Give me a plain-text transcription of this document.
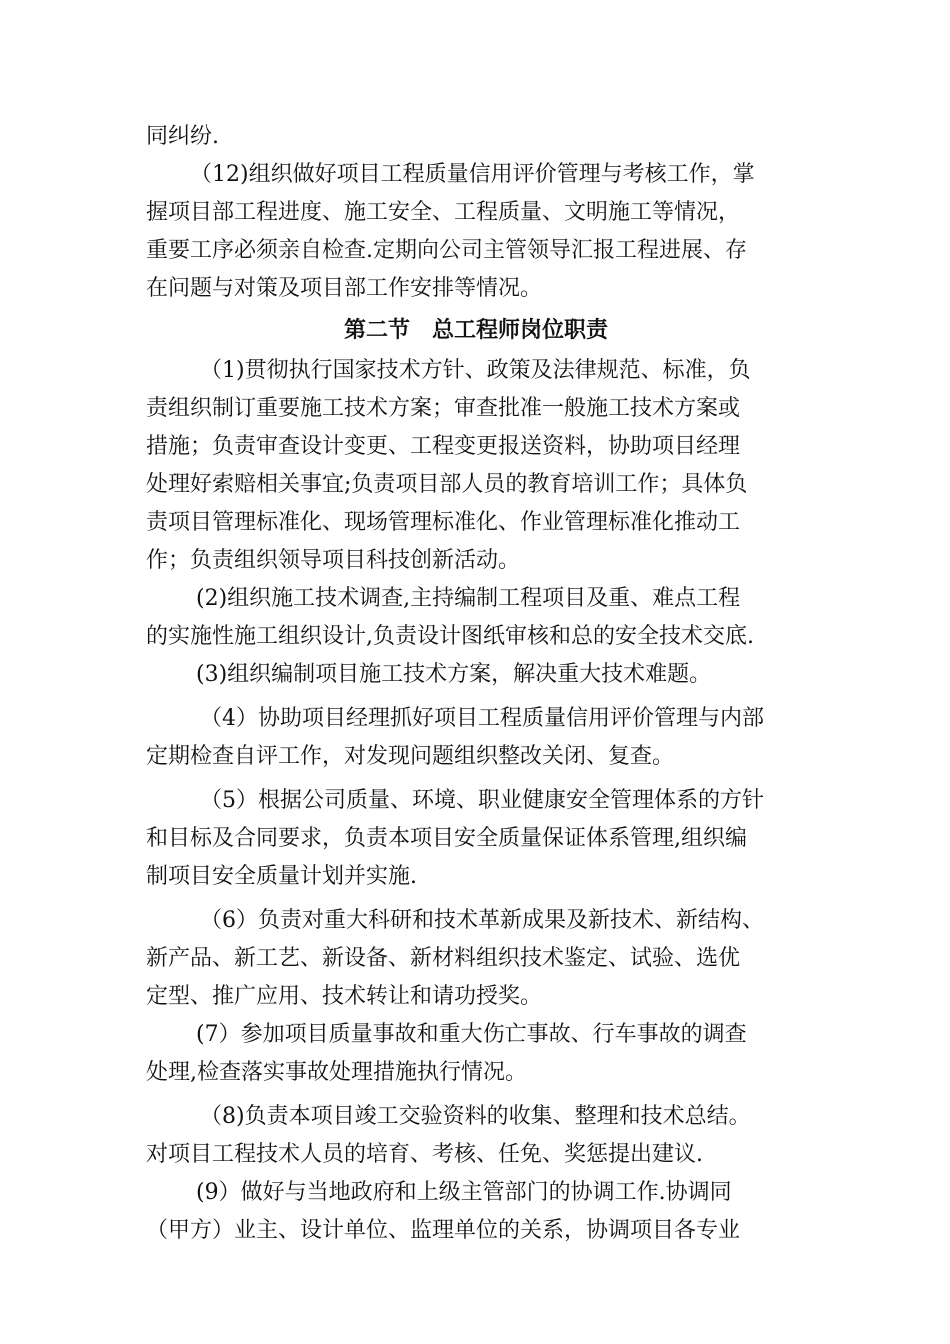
同纠纷.
（12)组织做好项目工程质量信用评价管理与考核工作，掌
握项目部工程进度、施工安全、工程质量、文明施工等情况，
重要工序必须亲自检查.定期向公司主管领导汇报工程进展、存
在问题与对策及项目部工作安排等情况。
第二节　总工程师岗位职责
（1)贯彻执行国家技术方针、政策及法律规范、标准，负
责组织制订重要施工技术方案；审查批准一般施工技术方案或
措施；负责审查设计变更、工程变更报送资料，协助项目经理
处理好索赔相关事宜;负责项目部人员的教育培训工作；具体负
责项目管理标准化、现场管理标准化、作业管理标准化推动工
作；负责组织领导项目科技创新活动。
(2)组织施工技术调查,主持编制工程项目及重、难点工程
的实施性施工组织设计,负责设计图纸审核和总的安全技术交底.
(3)组织编制项目施工技术方案，解决重大技术难题。
（4）协助项目经理抓好项目工程质量信用评价管理与内部
定期检查自评工作，对发现问题组织整改关闭、复查。
（5）根据公司质量、环境、职业健康安全管理体系的方针
和目标及合同要求，负责本项目安全质量保证体系管理,组织编
制项目安全质量计划并实施.
（6）负责对重大科研和技术革新成果及新技术、新结构、
新产品、新工艺、新设备、新材料组织技术鉴定、试验、选优
定型、推广应用、技术转让和请功授奖。
(7）参加项目质量事故和重大伤亡事故、行车事故的调查
处理,检查落实事故处理措施执行情况。
（8)负责本项目竣工交验资料的收集、整理和技术总结。
对项目工程技术人员的培育、考核、任免、奖惩提出建议.
(9）做好与当地政府和上级主管部门的协调工作.协调同
（甲方）业主、设计单位、监理单位的关系，协调项目各专业
